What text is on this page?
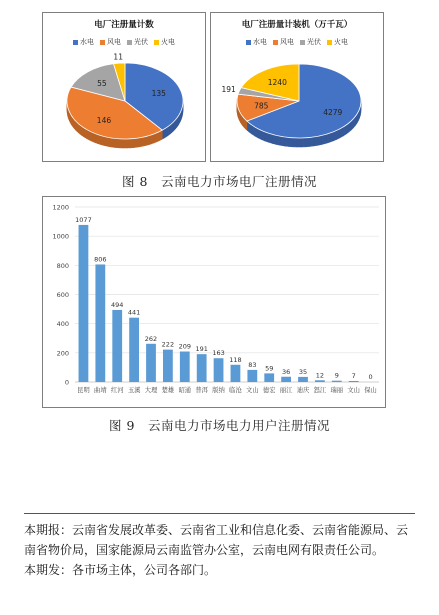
电厂注册量计数
水电 风电 光伏 火电
135
146
55
11
电厂注册量计装机（万千瓦）
水电 风电 光伏 火电
4279
785
191
1240
图 8　云南电力市场电厂注册情况
0
200
400
600
800
1000
1200
1077
昆明
806
曲靖
494
红河
441
玉溪
262
大理
222
楚雄
209
昭通
191
普洱
163
版纳
118
临沧
83
文山
59
德宏
36
丽江
35
迪庆
12
怒江
9
瑞丽
7
文山
0
保山
图 9　云南电力市场电力用户注册情况
本期报：云南省发展改革委、云南省工业和信息化委、云南省能源局、云南省物价局，国家能源局云南监管办公室，云南电网有限责任公司。
本期发：各市场主体，公司各部门。
